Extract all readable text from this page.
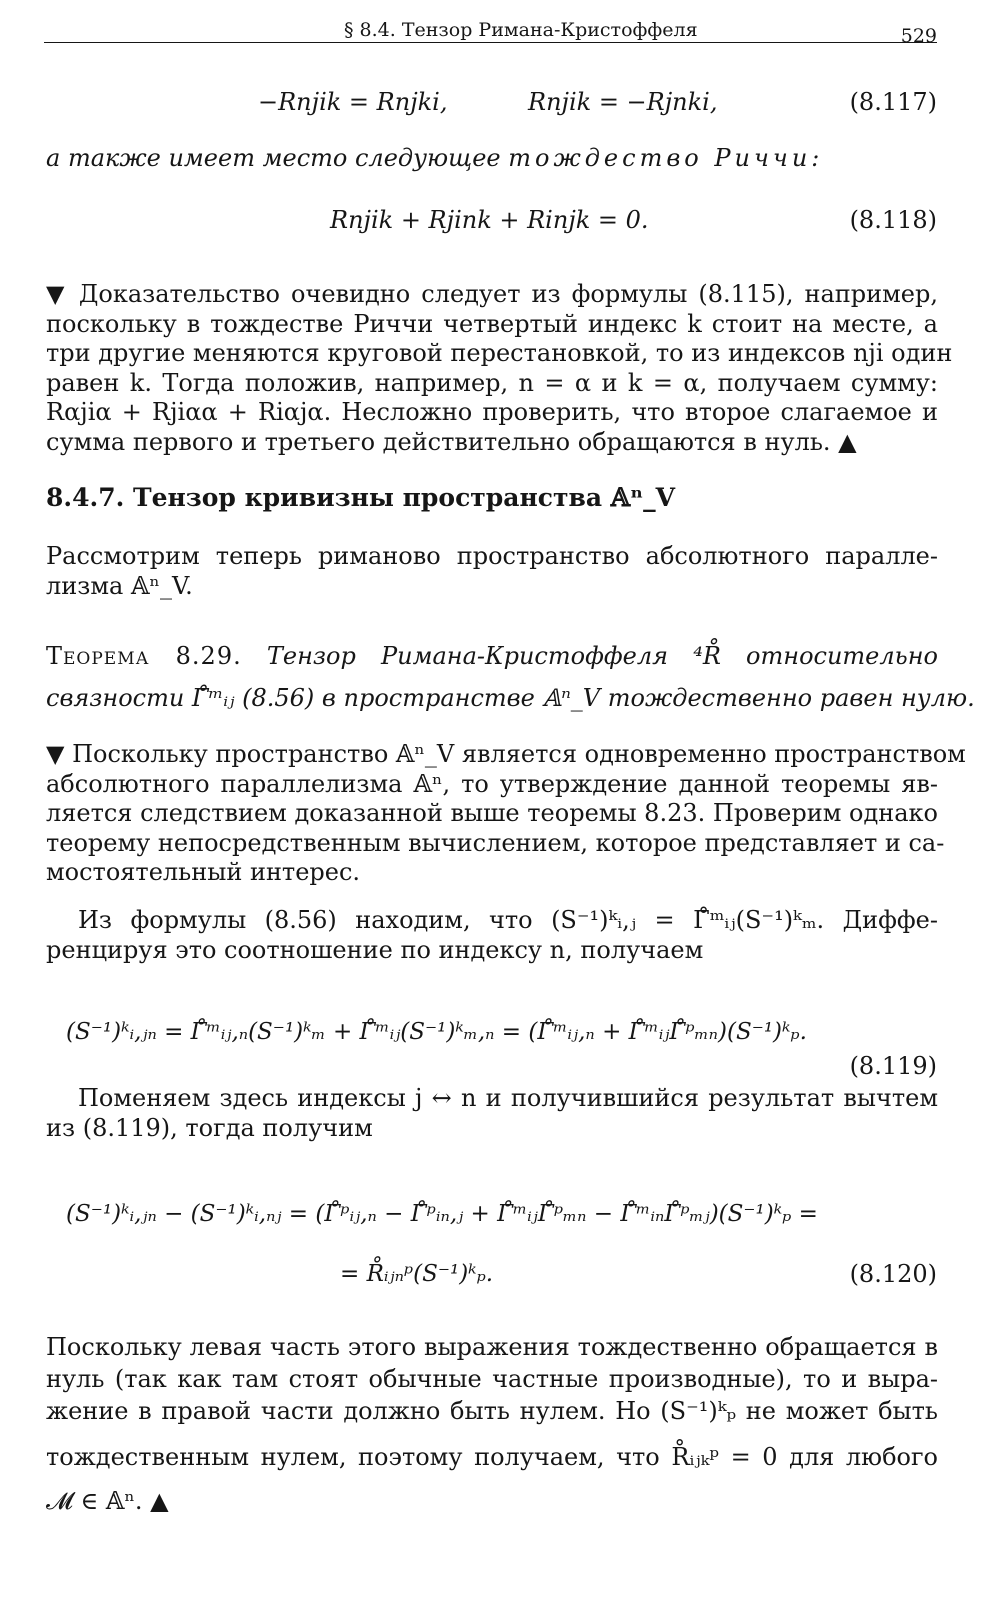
§ 8.4. Тензор Римана-Кристоффеля	529
−Rnjik = Rnjki,	Rnjik = −Rjnki,	(8.117)
а также имеет место следующее тождество Риччи:
Rnjik + Rjink + Rinjk = 0.	(8.118)
▼ Доказательство очевидно следует из формулы (8.115), например,
поскольку в тождестве Риччи четвертый индекс k стоит на месте, а
три другие меняются круговой перестановкой, то из индексов nji один
равен k. Тогда положив, например, n = α и k = α, получаем сумму:
Rαjiα + Rjiαα + Riαjα. Несложно проверить, что второе слагаемое и
сумма первого и третьего действительно обращаются в нуль. ▲
8.4.7. Тензор кривизны пространства 𝔸ⁿ_V
Рассмотрим теперь риманово пространство абсолютного паралле-
лизма 𝔸ⁿ_V.
Теорема 8.29. Тензор Римана-Кристоффеля ⁴R̊ относительно
связности Γ̊ᵐᵢⱼ (8.56) в пространстве 𝔸ⁿ_V тождественно равен нулю.
▼ Поскольку пространство 𝔸ⁿ_V является одновременно пространством
абсолютного параллелизма 𝔸ⁿ, то утверждение данной теоремы яв-
ляется следствием доказанной выше теоремы 8.23. Проверим однако
теорему непосредственным вычислением, которое представляет и са-
мостоятельный интерес.
Из формулы (8.56) находим, что (S⁻¹)ᵏᵢ,ⱼ = Γ̊ᵐᵢⱼ(S⁻¹)ᵏₘ. Диффе-
ренцируя это соотношение по индексу n, получаем
(S⁻¹)ᵏᵢ,ⱼₙ = Γ̊ᵐᵢⱼ,ₙ(S⁻¹)ᵏₘ + Γ̊ᵐᵢⱼ(S⁻¹)ᵏₘ,ₙ = (Γ̊ᵐᵢⱼ,ₙ + Γ̊ᵐᵢⱼΓ̊ᵖₘₙ)(S⁻¹)ᵏₚ.
(8.119)
Поменяем здесь индексы j ↔ n и получившийся результат вычтем
из (8.119), тогда получим
(S⁻¹)ᵏᵢ,ⱼₙ − (S⁻¹)ᵏᵢ,ₙⱼ = (Γ̊ᵖᵢⱼ,ₙ − Γ̊ᵖᵢₙ,ⱼ + Γ̊ᵐᵢⱼΓ̊ᵖₘₙ − Γ̊ᵐᵢₙΓ̊ᵖₘⱼ)(S⁻¹)ᵏₚ =
= R̊ᵢⱼₙᵖ(S⁻¹)ᵏₚ.	(8.120)
Поскольку левая часть этого выражения тождественно обращается в
нуль (так как там стоят обычные частные производные), то и выра-
жение в правой части должно быть нулем. Но (S⁻¹)ᵏₚ не может быть
тождественным нулем, поэтому получаем, что R̊ᵢⱼₖᵖ = 0 для любого
𝓜 ∈ 𝔸ⁿ. ▲
